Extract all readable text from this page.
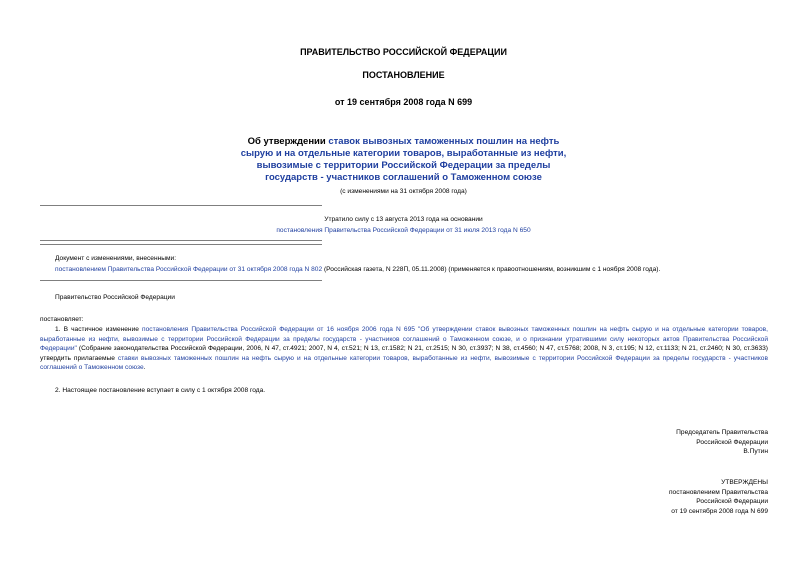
ПРАВИТЕЛЬСТВО РОССИЙСКОЙ ФЕДЕРАЦИИ
ПОСТАНОВЛЕНИЕ
от 19 сентября 2008 года N 699
Об утверждении ставок вывозных таможенных пошлин на нефть
сырую и на отдельные категории товаров, выработанные из нефти,
вывозимые с территории Российской Федерации за пределы
государств - участников соглашений о Таможенном союзе
(с изменениями на 31 октября 2008 года)
Утратило силу с 13 августа 2013 года на основании
постановления Правительства Российской Федерации от 31 июля 2013 года N 650
Документ с изменениями, внесенными:
постановлением Правительства Российской Федерации от 31 октября 2008 года N 802 (Российская газета, N 228П, 05.11.2008) (применяется к правоотношениям, возникшим с 1 ноября 2008 года).
Правительство Российской Федерации
постановляет:
1. В частичное изменение постановления Правительства Российской Федерации от 16 ноября 2006 года N 695 "Об утверждении ставок вывозных таможенных пошлин на нефть сырую и на отдельные категории товаров, выработанные из нефти, вывозимые с территории Российской Федерации за пределы государств - участников соглашений о Таможенном союзе, и о признании утратившими силу некоторых актов Правительства Российской Федерации" (Собрание законодательства Российской Федерации, 2006, N 47, ст.4921; 2007, N 4, ст.521; N 13, ст.1582; N 21, ст.2515; N 30, ст.3937; N 38, ст.4560; N 47, ст.5768; 2008, N 3, ст.195; N 12, ст.1133; N 21, ст.2460; N 30, ст.3633) утвердить прилагаемые ставки вывозных таможенных пошлин на нефть сырую и на отдельные категории товаров, выработанные из нефти, вывозимые с территории Российской Федерации за пределы государств - участников соглашений о Таможенном союзе.
2. Настоящее постановление вступает в силу с 1 октября 2008 года.
Председатель Правительства
Российской Федерации
В.Путин
УТВЕРЖДЕНЫ
постановлением Правительства
Российской Федерации
от 19 сентября 2008 года N 699
